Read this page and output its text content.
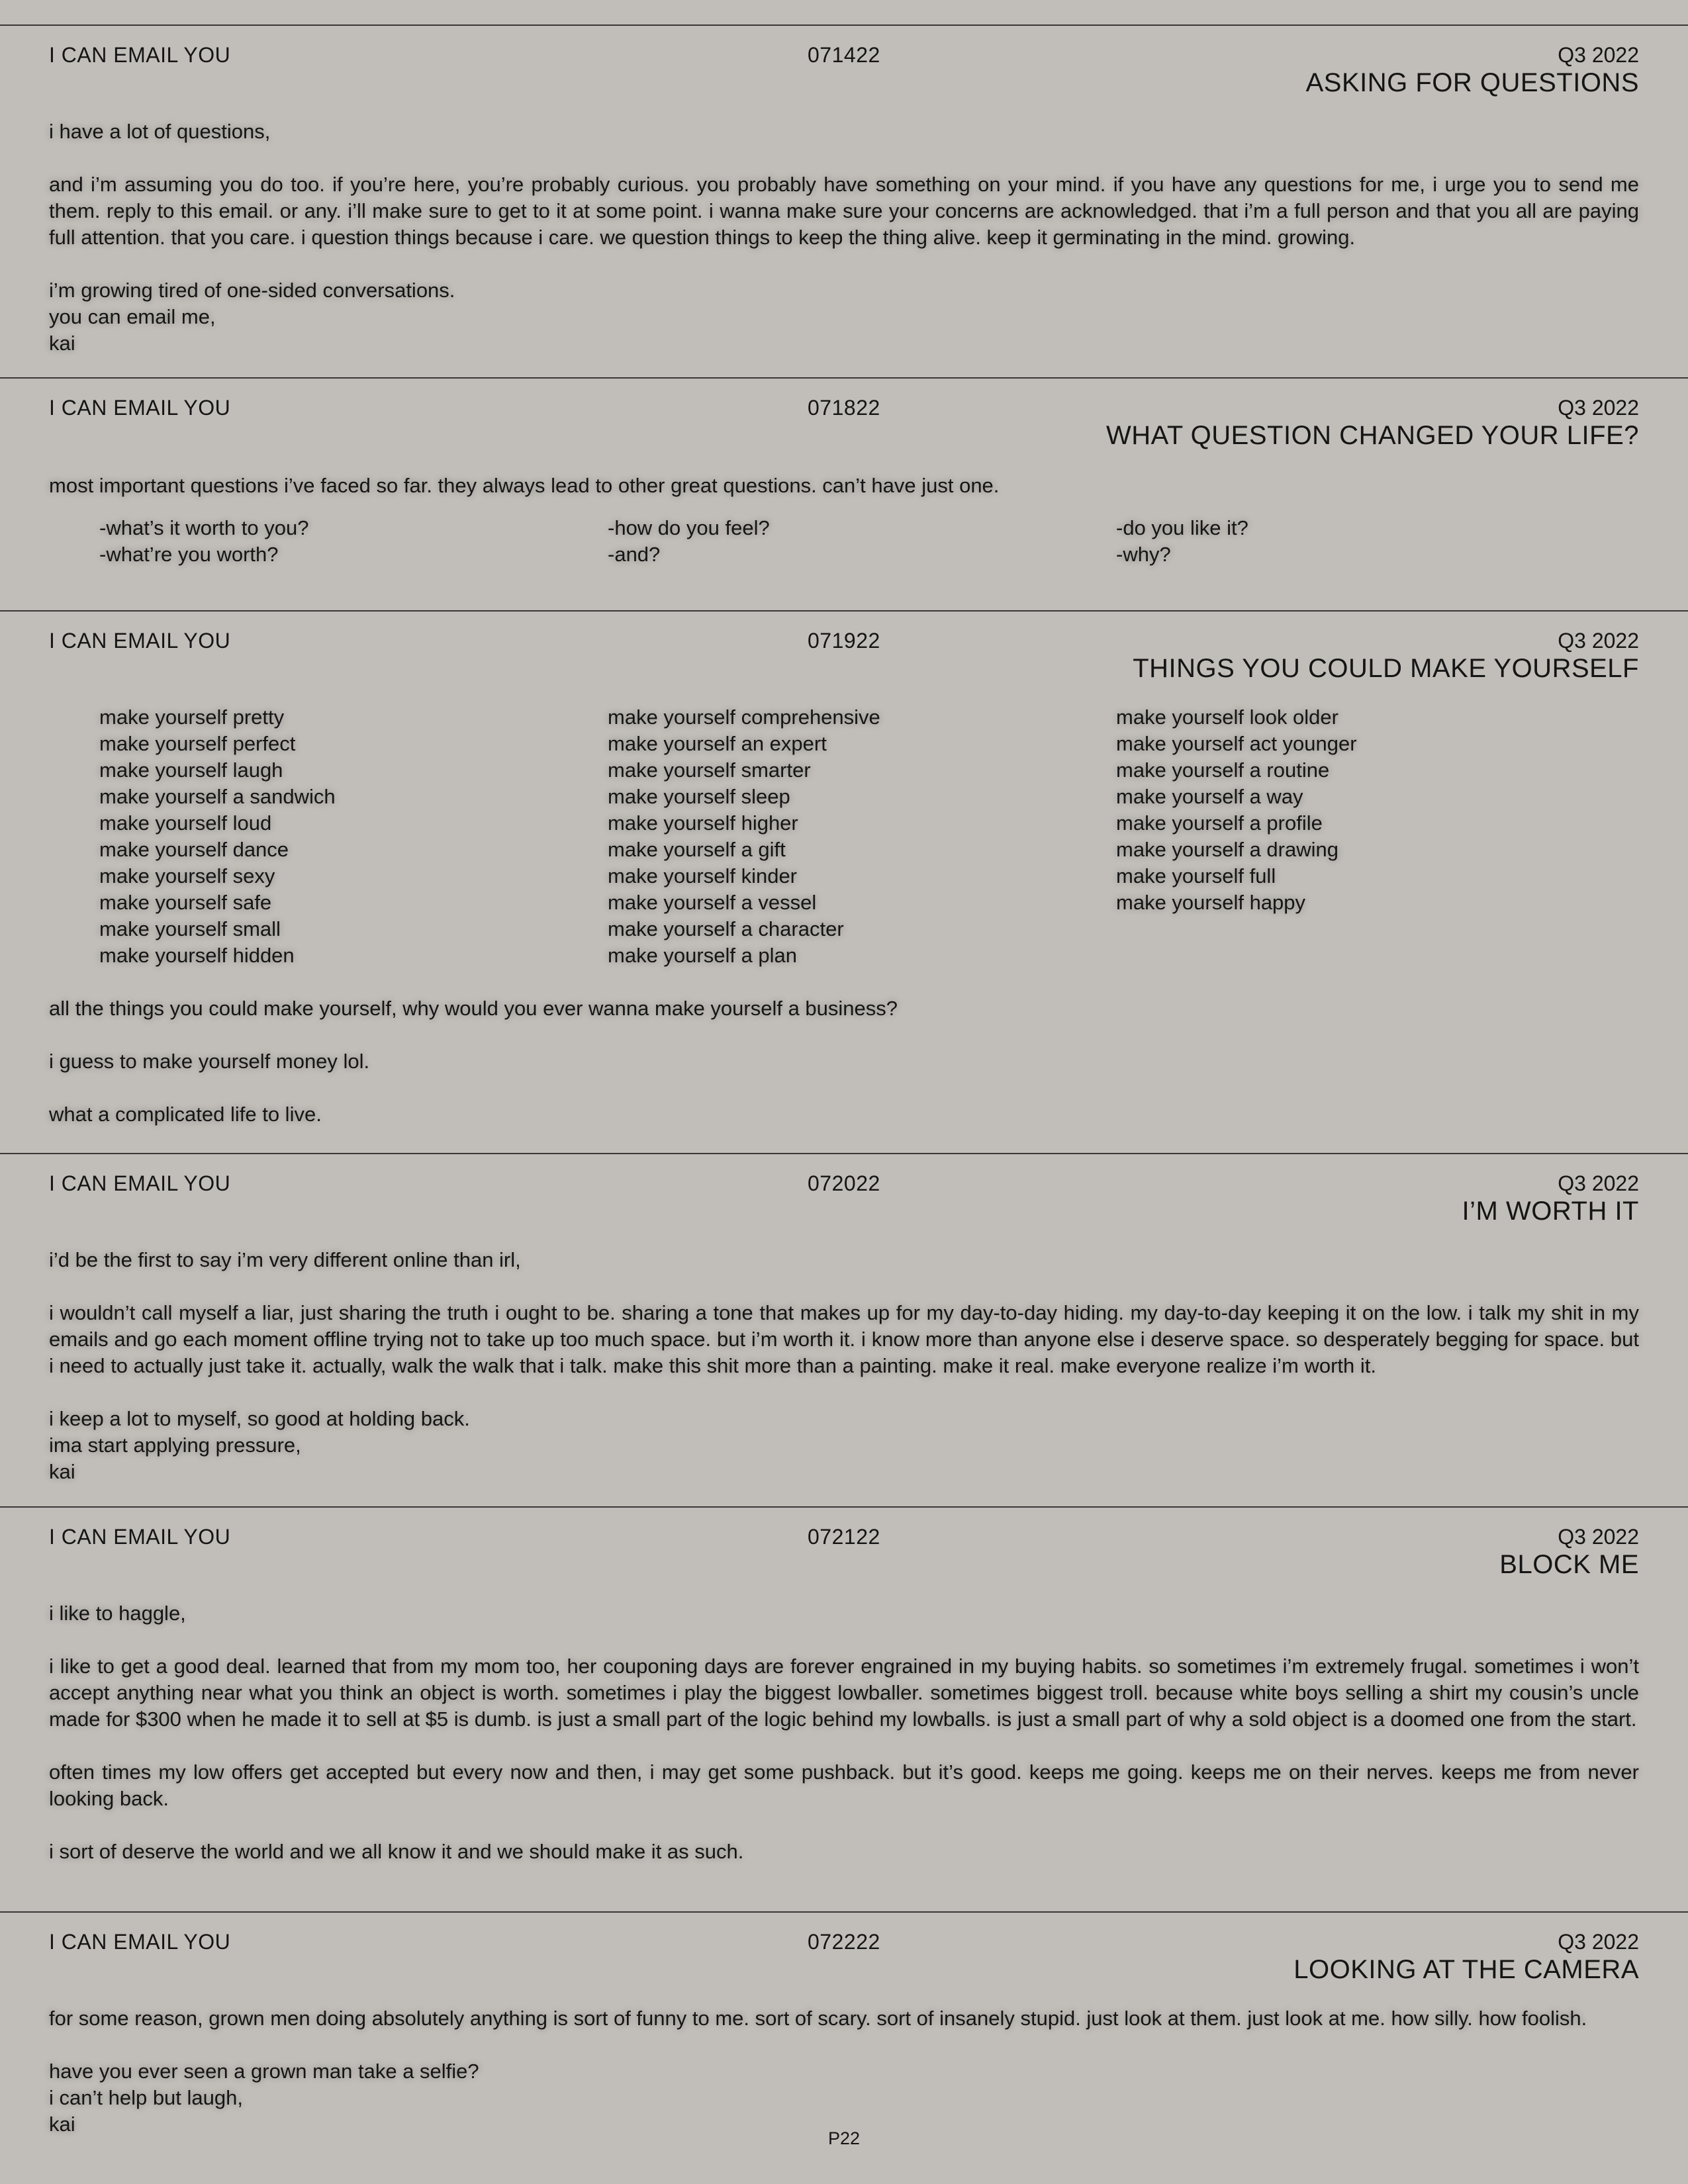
I CAN EMAIL YOU	071422	Q3 2022
ASKING FOR QUESTIONS

i have a lot of questions,

and i’m assuming you do too. if you’re here, you’re probably curious. you probably have something on your mind. if you have any questions for me, i urge you to send me them. reply to this email. or any. i’ll make sure to get to it at some point. i wanna make sure your concerns are acknowledged. that i’m a full person and that you all are paying full attention. that you care. i question things because i care. we question things to keep the thing alive. keep it germinating in the mind. growing.

i’m growing tired of one-sided conversations.

you can email me,

kai

I CAN EMAIL YOU	071822	Q3 2022
WHAT QUESTION CHANGED YOUR LIFE?

most important questions i’ve faced so far. they always lead to other great questions. can’t have just one.

-what’s it worth to you?
-what’re you worth?
-how do you feel?
-and?
-do you like it?
-why?
I CAN EMAIL YOU	071922	Q3 2022
THINGS YOU COULD MAKE YOURSELF
make yourself pretty
make yourself perfect
make yourself laugh
make yourself a sandwich
make yourself loud
make yourself dance
make yourself sexy
make yourself safe
make yourself small
make yourself hidden
make yourself comprehensive
make yourself an expert
make yourself smarter
make yourself sleep
make yourself higher
make yourself a gift
make yourself kinder
make yourself a vessel
make yourself a character
make yourself a plan
make yourself look older
make yourself act younger
make yourself a routine
make yourself a way
make yourself a profile
make yourself a drawing
make yourself full
make yourself happy

all the things you could make yourself, why would you ever wanna make yourself a business?

i guess to make yourself money lol.

what a complicated life to live.

I CAN EMAIL YOU	072022	Q3 2022
I’M WORTH IT

i’d be the first to say i’m very different online than irl,

i wouldn’t call myself a liar, just sharing the truth i ought to be. sharing a tone that makes up for my day-to-day hiding. my day-to-day keeping it on the low. i talk my shit in my emails and go each moment offline trying not to take up too much space. but i’m worth it. i know more than anyone else i deserve space. so desperately begging for space. but i need to actually just take it. actually, walk the walk that i talk. make this shit more than a painting. make it real. make everyone realize i’m worth it.

i keep a lot to myself, so good at holding back.

ima start applying pressure,

kai

I CAN EMAIL YOU	072122	Q3 2022
BLOCK ME

i like to haggle,

i like to get a good deal. learned that from my mom too, her couponing days are forever engrained in my buying habits. so sometimes i’m extremely frugal. sometimes i won’t accept anything near what you think an object is worth. sometimes i play the biggest lowballer. sometimes biggest troll. because white boys selling a shirt my cousin’s uncle made for $300 when he made it to sell at $5 is dumb. is just a small part of the logic behind my lowballs. is just a small part of why a sold object is a doomed one from the start.

often times my low offers get accepted but every now and then, i may get some pushback. but it’s good. keeps me going. keeps me on their nerves. keeps me from never looking back.

i sort of deserve the world and we all know it and we should make it as such.

I CAN EMAIL YOU	072222	Q3 2022
LOOKING AT THE CAMERA

for some reason, grown men doing absolutely anything is sort of funny to me. sort of scary. sort of insanely stupid. just look at them. just look at me. how silly. how foolish.

have you ever seen a grown man take a selfie?

i can’t help but laugh,

kai

P22
